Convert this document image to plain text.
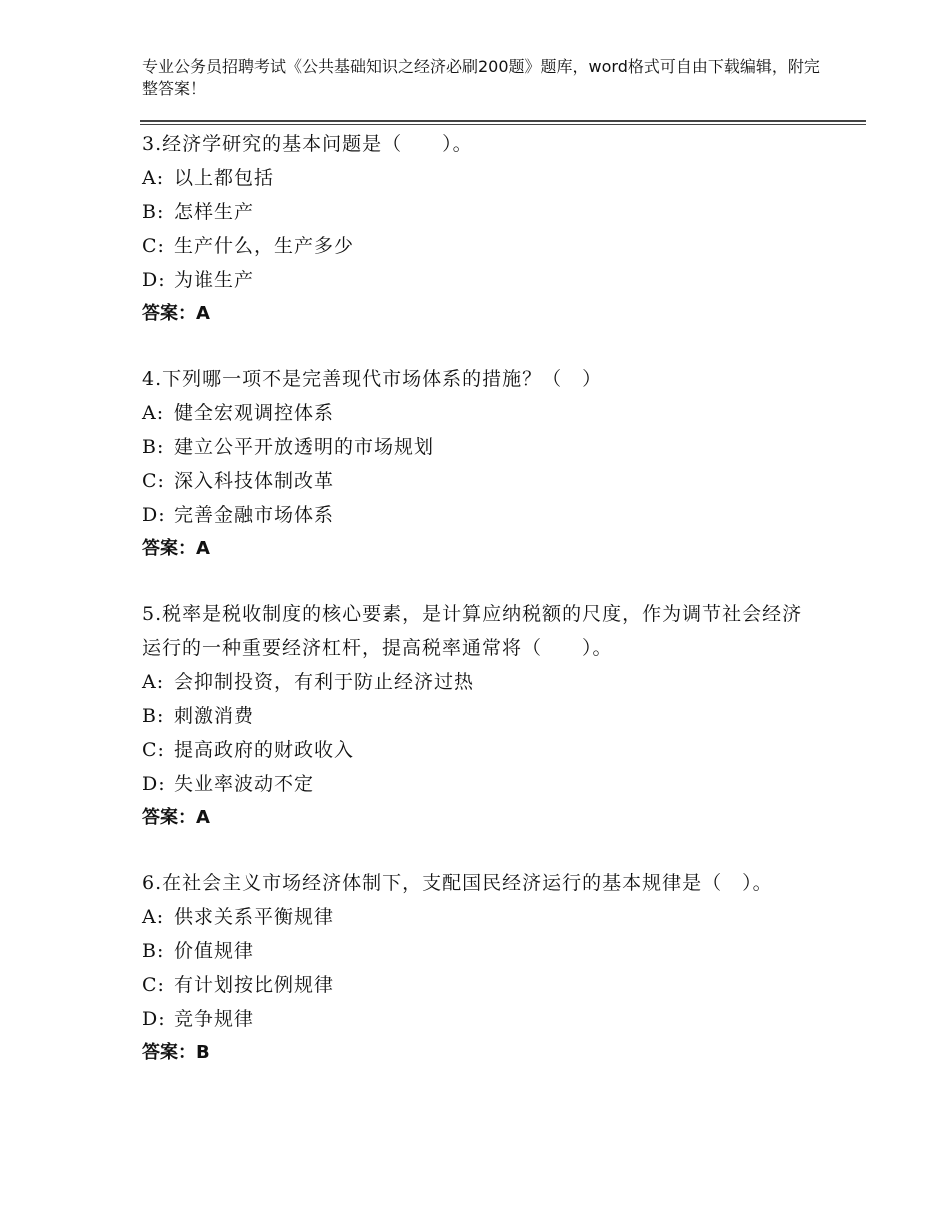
专业公务员招聘考试《公共基础知识之经济必刷200题》题库，word格式可自由下载编辑，附完整答案！
3.经济学研究的基本问题是（　　）。
A: 以上都包括
B: 怎样生产
C: 生产什么，生产多少
D: 为谁生产
答案：A
4.下列哪一项不是完善现代市场体系的措施？（　）
A: 健全宏观调控体系
B: 建立公平开放透明的市场规划
C: 深入科技体制改革
D: 完善金融市场体系
答案：A
5.税率是税收制度的核心要素，是计算应纳税额的尺度，作为调节社会经济运行的一种重要经济杠杆，提高税率通常将（　　）。
A: 会抑制投资，有利于防止经济过热
B: 刺激消费
C: 提高政府的财政收入
D: 失业率波动不定
答案：A
6.在社会主义市场经济体制下，支配国民经济运行的基本规律是（　）。
A: 供求关系平衡规律
B: 价值规律
C: 有计划按比例规律
D: 竞争规律
答案：B
